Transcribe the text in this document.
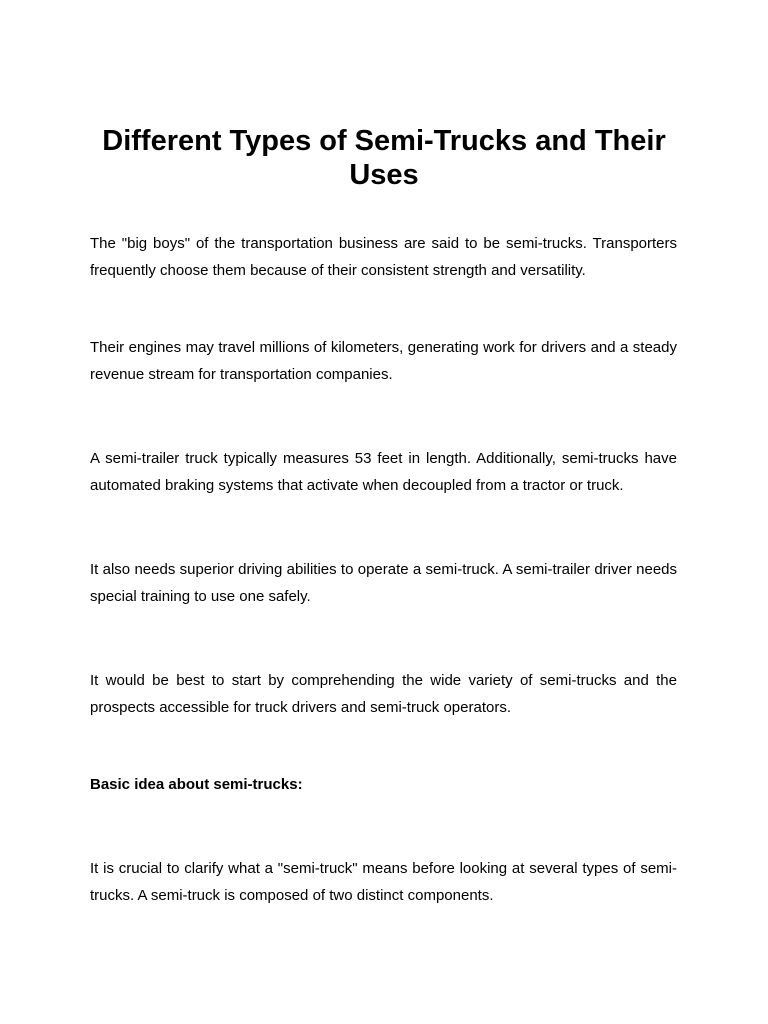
Different Types of Semi-Trucks and Their Uses

The "big boys" of the transportation business are said to be semi-trucks. Transporters frequently choose them because of their consistent strength and versatility.

Their engines may travel millions of kilometers, generating work for drivers and a steady revenue stream for transportation companies.

A semi-trailer truck typically measures 53 feet in length. Additionally, semi-trucks have automated braking systems that activate when decoupled from a tractor or truck.

It also needs superior driving abilities to operate a semi-truck. A semi-trailer driver needs special training to use one safely.

It would be best to start by comprehending the wide variety of semi-trucks and the prospects accessible for truck drivers and semi-truck operators.

Basic idea about semi-trucks:

It is crucial to clarify what a "semi-truck" means before looking at several types of semi-trucks. A semi-truck is composed of two distinct components.
